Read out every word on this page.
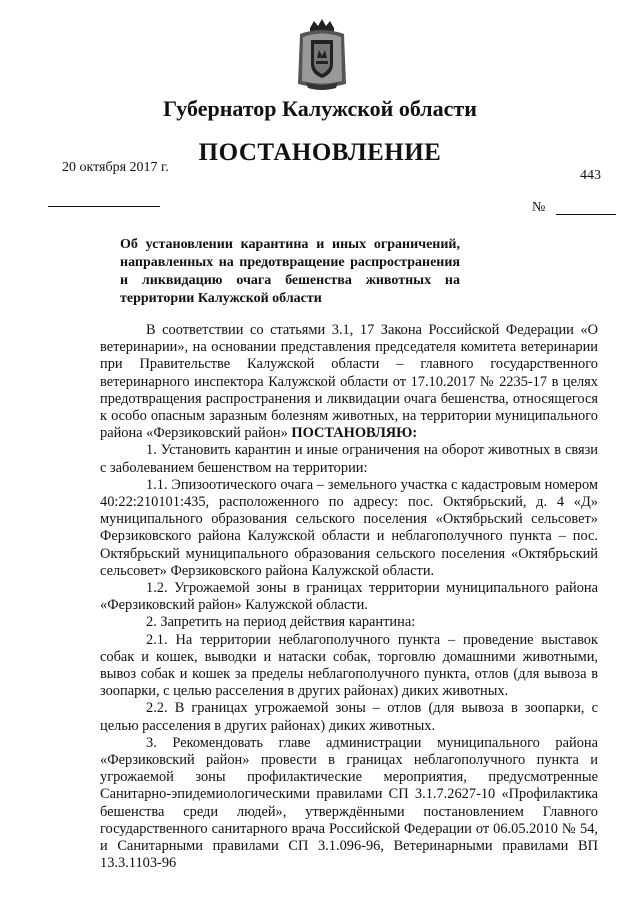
Губернатор Калужской области
ПОСТАНОВЛЕНИЕ
20 октября 2017 г.
443
№
Об установлении карантина и иных ограничений, направленных на предотвращение распространения и ликвидацию очага бешенства животных на территории Калужской области

В соответствии со статьями 3.1, 17 Закона Российской Федерации «О ветеринарии», на основании представления председателя комитета ветеринарии при Правительстве Калужской области – главного государственного ветеринарного инспектора Калужской области от 17.10.2017 № 2235-17 в целях предотвращения распространения и ликвидации очага бешенства, относящегося к особо опасным заразным болезням животных, на территории муниципального района «Ферзиковский район» ПОСТАНОВЛЯЮ:

1. Установить карантин и иные ограничения на оборот животных в связи с заболеванием бешенством на территории:

1.1. Эпизоотического очага – земельного участка с кадастровым номером 40:22:210101:435, расположенного по адресу: пос. Октябрьский, д. 4 «Д» муниципального образования сельского поселения «Октябрьский сельсовет» Ферзиковского района Калужской области и неблагополучного пункта – пос. Октябрьский муниципального образования сельского поселения «Октябрьский сельсовет» Ферзиковского района Калужской области.

1.2. Угрожаемой зоны в границах территории муниципального района «Ферзиковский район» Калужской области.

2. Запретить на период действия карантина:

2.1. На территории неблагополучного пункта – проведение выставок собак и кошек, выводки и натаски собак, торговлю домашними животными, вывоз собак и кошек за пределы неблагополучного пункта, отлов (для вывоза в зоопарки, с целью расселения в других районах) диких животных.

2.2. В границах угрожаемой зоны – отлов (для вывоза в зоопарки, с целью расселения в других районах) диких животных.

3. Рекомендовать главе администрации муниципального района «Ферзиковский район» провести в границах неблагополучного пункта и угрожаемой зоны профилактические мероприятия, предусмотренные Санитарно-эпидемиологическими правилами СП 3.1.7.2627-10 «Профилактика бешенства среди людей», утверждёнными постановлением Главного государственного санитарного врача Российской Федерации от 06.05.2010 № 54, и Санитарными правилами СП 3.1.096-96, Ветеринарными правилами ВП 13.3.1103-96
